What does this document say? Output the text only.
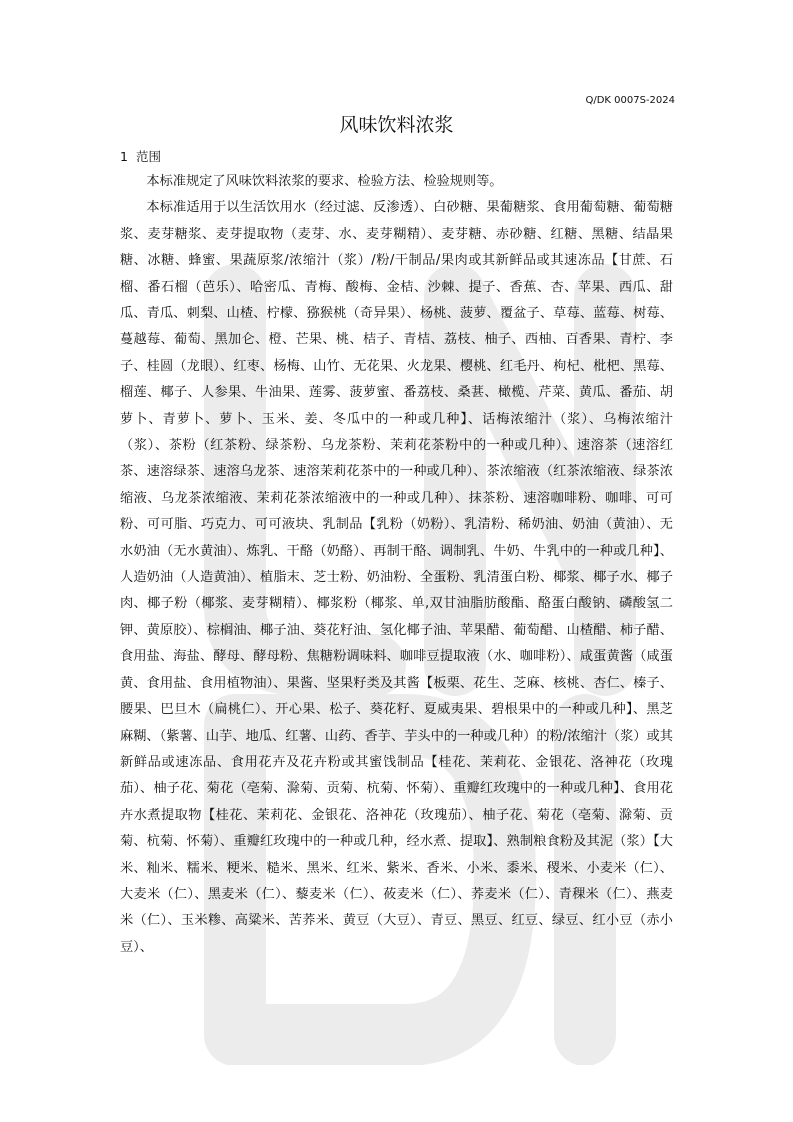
Q/DK 0007S-2024
风味饮料浓浆
1 范围

本标准规定了风味饮料浓浆的要求、检验方法、检验规则等。

本标准适用于以生活饮用水（经过滤、反渗透）、白砂糖、果葡糖浆、食用葡萄糖、葡萄糖浆、麦芽糖浆、麦芽提取物（麦芽、水、麦芽糊精）、麦芽糖、赤砂糖、红糖、黑糖、结晶果糖、冰糖、蜂蜜、果蔬原浆/浓缩汁（浆）/粉/干制品/果肉或其新鲜品或其速冻品【甘蔗、石榴、番石榴（芭乐）、哈密瓜、青梅、酸梅、金桔、沙棘、提子、香蕉、杏、苹果、西瓜、甜瓜、青瓜、刺梨、山楂、柠檬、猕猴桃（奇异果）、杨桃、菠萝、覆盆子、草莓、蓝莓、树莓、蔓越莓、葡萄、黑加仑、橙、芒果、桃、桔子、青桔、荔枝、柚子、西柚、百香果、青柠、李子、桂圆（龙眼）、红枣、杨梅、山竹、无花果、火龙果、樱桃、红毛丹、枸杞、枇杷、黑莓、榴莲、椰子、人参果、牛油果、莲雾、菠萝蜜、番荔枝、桑葚、橄榄、芹菜、黄瓜、番茄、胡萝卜、青萝卜、萝卜、玉米、姜、冬瓜中的一种或几种】、话梅浓缩汁（浆）、乌梅浓缩汁（浆）、茶粉（红茶粉、绿茶粉、乌龙茶粉、茉莉花茶粉中的一种或几种）、速溶茶（速溶红茶、速溶绿茶、速溶乌龙茶、速溶茉莉花茶中的一种或几种）、茶浓缩液（红茶浓缩液、绿茶浓缩液、乌龙茶浓缩液、茉莉花茶浓缩液中的一种或几种）、抹茶粉、速溶咖啡粉、咖啡、可可粉、可可脂、巧克力、可可液块、乳制品【乳粉（奶粉）、乳清粉、稀奶油、奶油（黄油）、无水奶油（无水黄油）、炼乳、干酪（奶酪）、再制干酪、调制乳、牛奶、牛乳中的一种或几种】、人造奶油（人造黄油）、植脂末、芝士粉、奶油粉、全蛋粉、乳清蛋白粉、椰浆、椰子水、椰子肉、椰子粉（椰浆、麦芽糊精）、椰浆粉（椰浆、单,双甘油脂肪酸酯、酪蛋白酸钠、磷酸氢二钾、黄原胶）、棕榈油、椰子油、葵花籽油、氢化椰子油、苹果醋、葡萄醋、山楂醋、柿子醋、食用盐、海盐、酵母、酵母粉、焦糖粉调味料、咖啡豆提取液（水、咖啡粉）、咸蛋黄酱（咸蛋黄、食用盐、食用植物油）、果酱、坚果籽类及其酱【板栗、花生、芝麻、核桃、杏仁、榛子、腰果、巴旦木（扁桃仁）、开心果、松子、葵花籽、夏威夷果、碧根果中的一种或几种】、黑芝麻糊、（紫薯、山芋、地瓜、红薯、山药、香芋、芋头中的一种或几种）的粉/浓缩汁（浆）或其新鲜品或速冻品、食用花卉及花卉粉或其蜜饯制品【桂花、茉莉花、金银花、洛神花（玫瑰茄）、柚子花、菊花（亳菊、滁菊、贡菊、杭菊、怀菊）、重瓣红玫瑰中的一种或几种】、食用花卉水煮提取物【桂花、茉莉花、金银花、洛神花（玫瑰茄）、柚子花、菊花（亳菊、滁菊、贡菊、杭菊、怀菊）、重瓣红玫瑰中的一种或几种，经水煮、提取】、熟制粮食粉及其泥（浆）【大米、籼米、糯米、粳米、糙米、黑米、红米、紫米、香米、小米、黍米、稷米、小麦米（仁）、大麦米（仁）、黑麦米（仁）、藜麦米（仁）、莜麦米（仁）、荞麦米（仁）、青稞米（仁）、燕麦米（仁）、玉米糁、高粱米、苦荞米、黄豆（大豆）、青豆、黑豆、红豆、绿豆、红小豆（赤小豆）、
